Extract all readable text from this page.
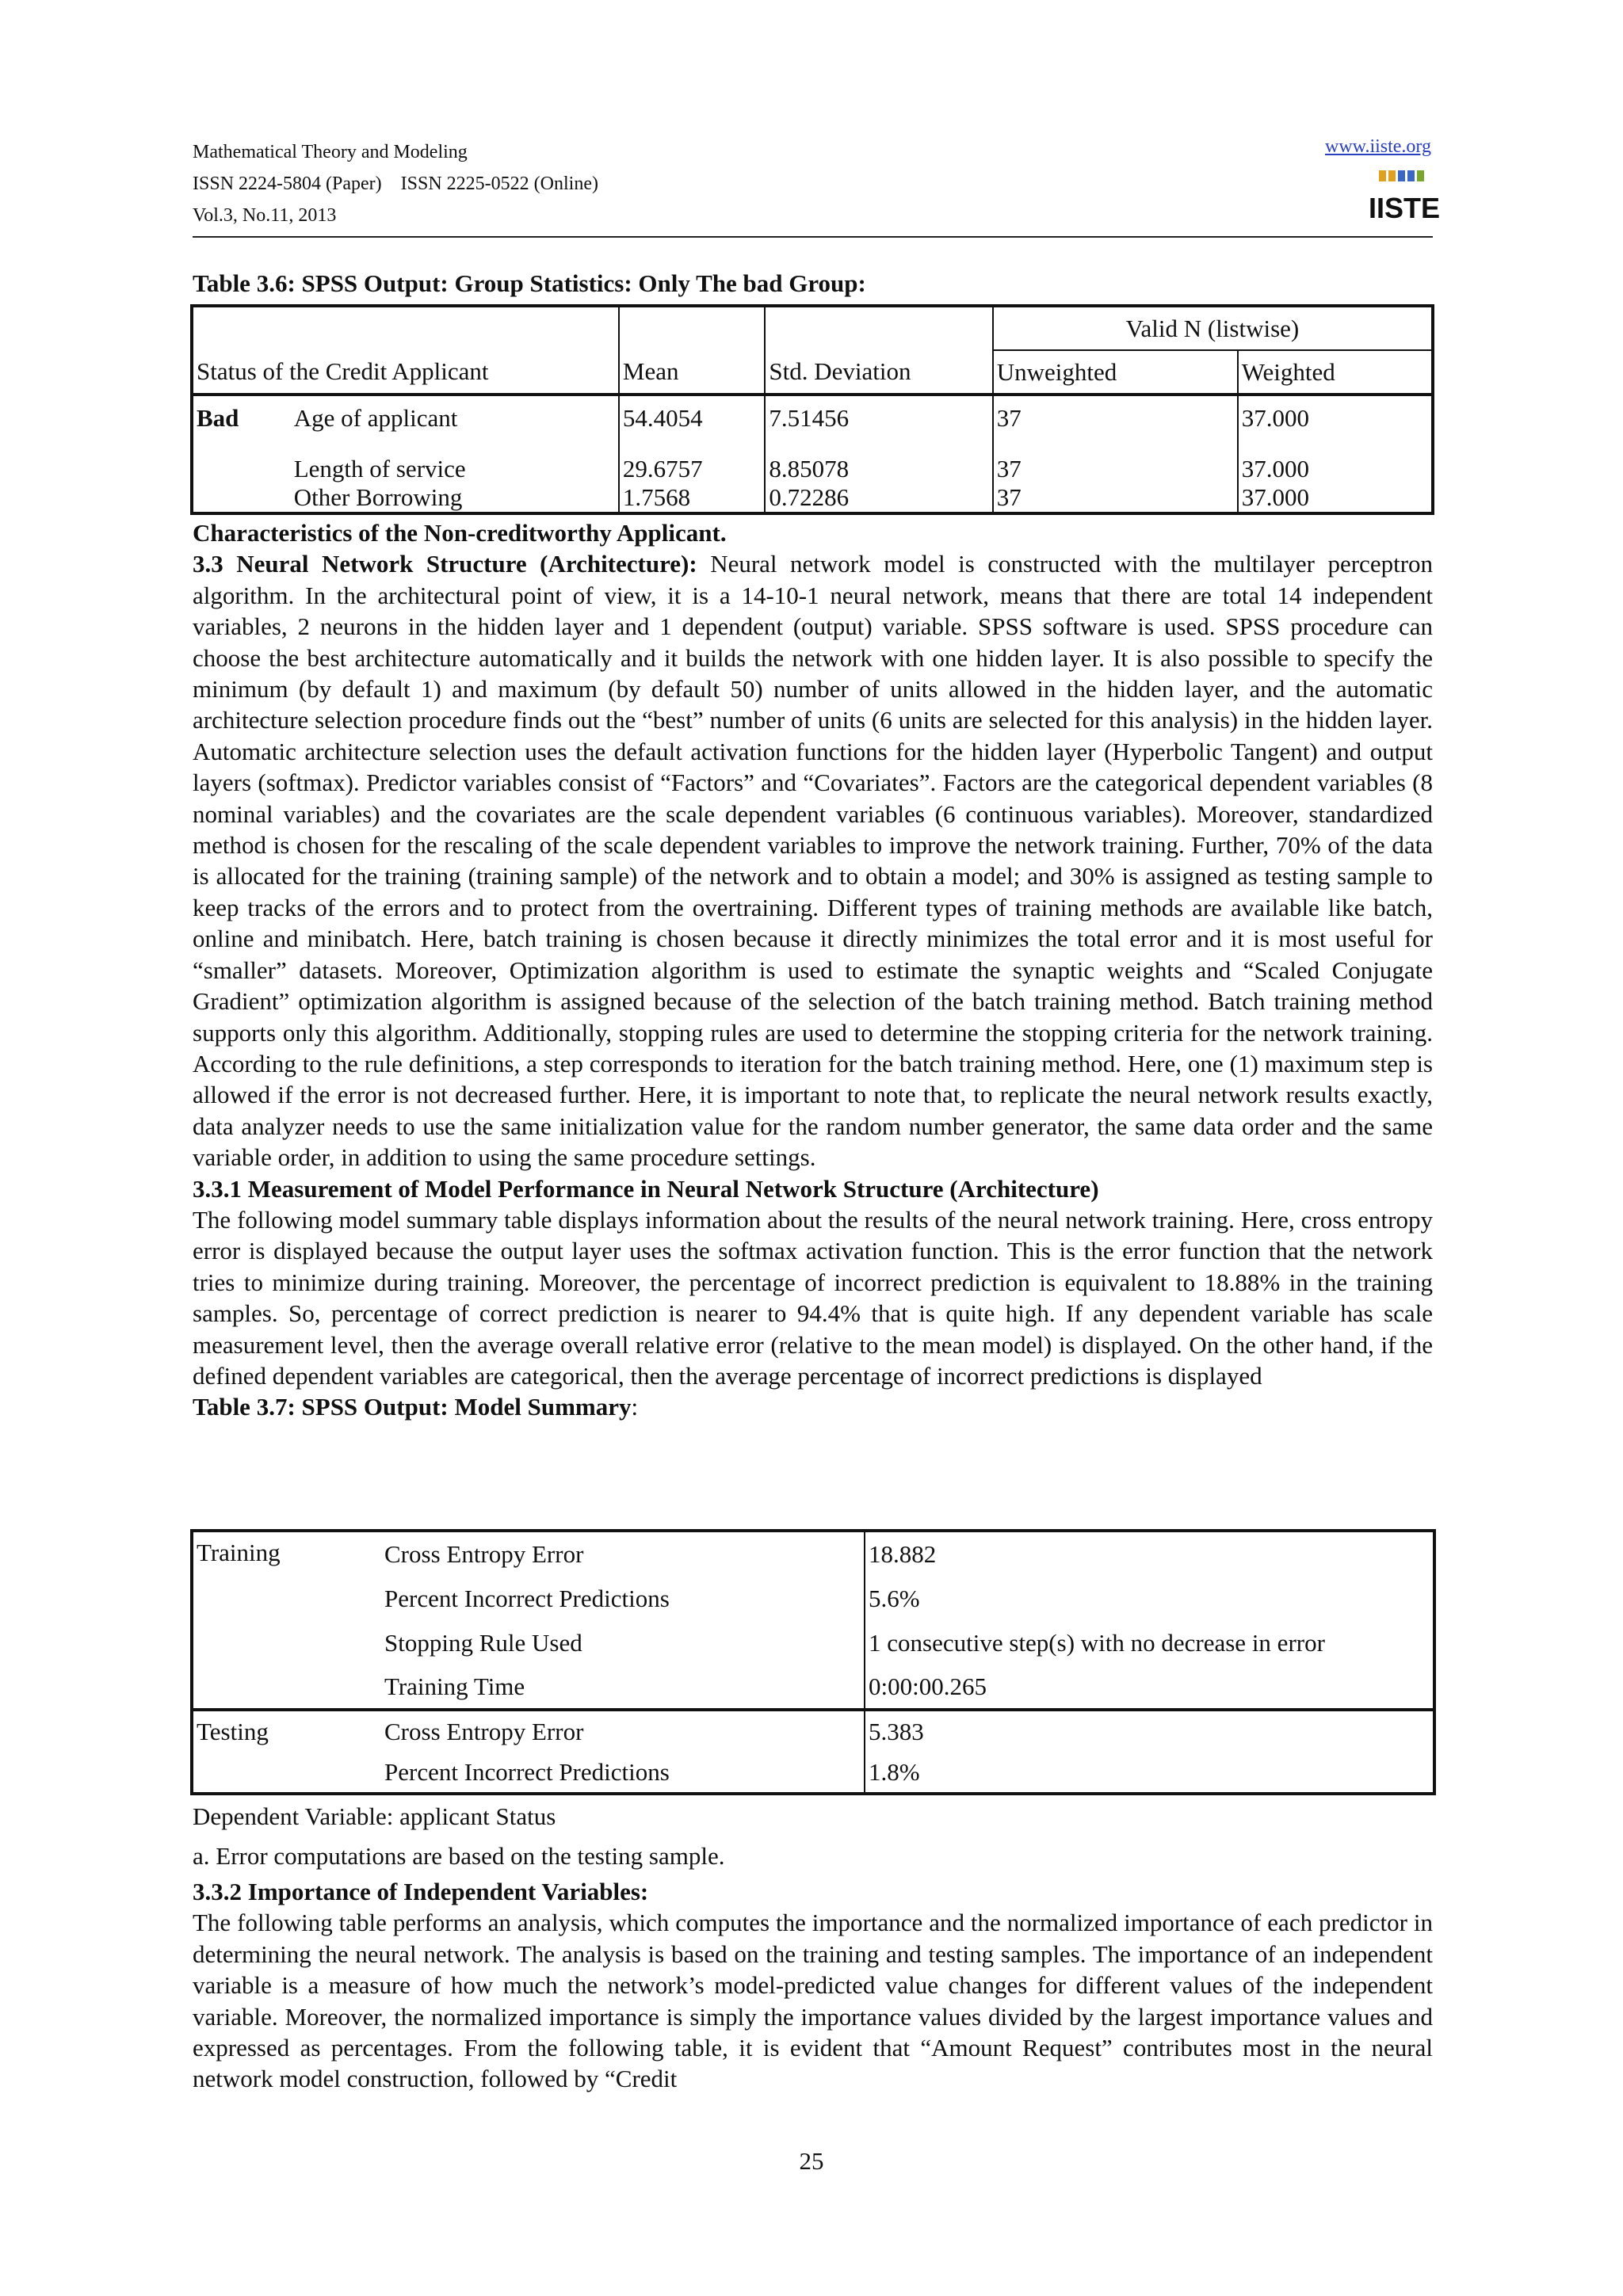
Mathematical Theory and Modeling
ISSN 2224-5804 (Paper)    ISSN 2225-0522 (Online)
Vol.3, No.11, 2013
www.iiste.org
IISTE
Table 3.6: SPSS Output: Group Statistics: Only The bad Group:
				Valid N (listwise)	
Status of the Credit Applicant		Mean	Std. Deviation	Unweighted	Weighted
Bad	Age of applicant	54.4054	7.51456	37	37.000
	Length of service	29.6757	8.85078	37	37.000
	Other Borrowing	1.7568	0.72286	37	37.000

Characteristics of the Non-creditworthy Applicant.

3.3 Neural Network Structure (Architecture): Neural network model is constructed with the multilayer perceptron algorithm. In the architectural point of view, it is a 14-10-1 neural network, means that there are total 14 independent variables, 2 neurons in the hidden layer and 1 dependent (output) variable. SPSS software is used. SPSS procedure can choose the best architecture automatically and it builds the network with one hidden layer. It is also possible to specify the minimum (by default 1) and maximum (by default 50) number of units allowed in the hidden layer, and the automatic architecture selection procedure finds out the “best” number of units (6 units are selected for this analysis) in the hidden layer. Automatic architecture selection uses the default activation functions for the hidden layer (Hyperbolic Tangent) and output layers (softmax). Predictor variables consist of “Factors” and “Covariates”. Factors are the categorical dependent variables (8 nominal variables) and the covariates are the scale dependent variables (6 continuous variables). Moreover, standardized method is chosen for the rescaling of the scale dependent variables to improve the network training. Further, 70% of the data is allocated for the training (training sample) of the network and to obtain a model; and 30% is assigned as testing sample to keep tracks of the errors and to protect from the overtraining. Different types of training methods are available like batch, online and minibatch. Here, batch training is chosen because it directly minimizes the total error and it is most useful for “smaller” datasets. Moreover, Optimization algorithm is used to estimate the synaptic weights and “Scaled Conjugate Gradient” optimization algorithm is assigned because of the selection of the batch training method. Batch training method supports only this algorithm. Additionally, stopping rules are used to determine the stopping criteria for the network training. According to the rule definitions, a step corresponds to iteration for the batch training method. Here, one (1) maximum step is allowed if the error is not decreased further. Here, it is important to note that, to replicate the neural network results exactly, data analyzer needs to use the same initialization value for the random number generator, the same data order and the same variable order, in addition to using the same procedure settings.

3.3.1 Measurement of Model Performance in Neural Network Structure (Architecture)

The following model summary table displays information about the results of the neural network training. Here, cross entropy error is displayed because the output layer uses the softmax activation function. This is the error function that the network tries to minimize during training. Moreover, the percentage of incorrect prediction is equivalent to 18.88% in the training samples. So, percentage of correct prediction is nearer to 94.4% that is quite high. If any dependent variable has scale measurement level, then the average overall relative error (relative to the mean model) is displayed. On the other hand, if the defined dependent variables are categorical, then the average percentage of incorrect predictions is displayed

Table 3.7: SPSS Output: Model Summary:

Training	Cross Entropy Error	18.882
	Percent Incorrect Predictions	5.6%
	Stopping Rule Used	1 consecutive step(s) with no decrease in error
	Training Time	0:00:00.265
Testing	Cross Entropy Error	5.383
	Percent Incorrect Predictions	1.8%
Dependent Variable: applicant Status
a. Error computations are based on the testing sample.

3.3.2 Importance of Independent Variables:

The following table performs an analysis, which computes the importance and the normalized importance of each predictor in determining the neural network. The analysis is based on the training and testing samples. The importance of an independent variable is a measure of how much the network’s model-predicted value changes for different values of the independent variable. Moreover, the normalized importance is simply the importance values divided by the largest importance values and expressed as percentages. From the following table, it is evident that “Amount Request” contributes most in the neural network model construction, followed by “Credit

25
